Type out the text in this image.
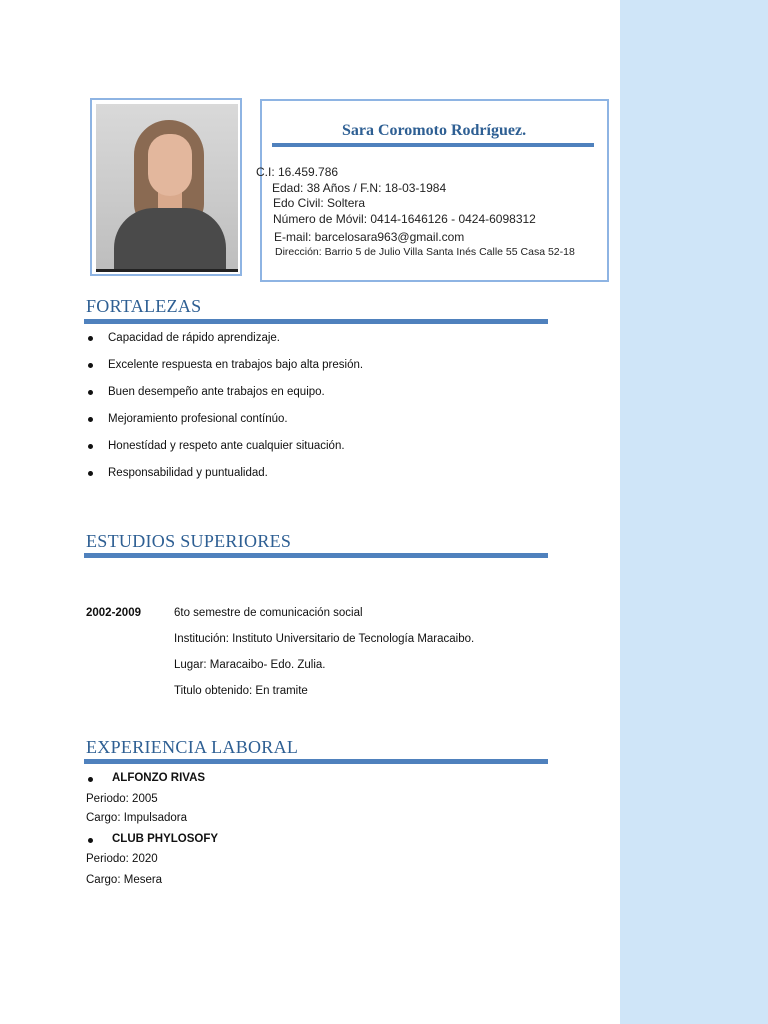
Sara Coromoto Rodríguez.
C.I: 16.459.786
Edad: 38 Años / F.N: 18-03-1984
Edo Civil: Soltera
Número de Móvil: 0414-1646126 - 0424-6098312
E-mail: barcelosara963@gmail.com
Dirección: Barrio 5 de Julio Villa Santa Inés Calle 55 Casa 52-18
FORTALEZAS
Capacidad de rápido aprendizaje.
Excelente respuesta en trabajos bajo alta presión.
Buen desempeño ante trabajos en equipo.
Mejoramiento profesional contínúo.
Honestídad y respeto ante cualquier situación.
Responsabilidad y puntualidad.
ESTUDIOS SUPERIORES
2002-2009	6to semestre de comunicación social
Institución: Instituto Universitario de Tecnología Maracaibo.
Lugar: Maracaibo- Edo. Zulia.
Titulo obtenido: En tramite
EXPERIENCIA LABORAL
ALFONZO RIVAS
Periodo: 2005
Cargo: Impulsadora
CLUB PHYLOSOFY
Periodo: 2020
Cargo: Mesera
